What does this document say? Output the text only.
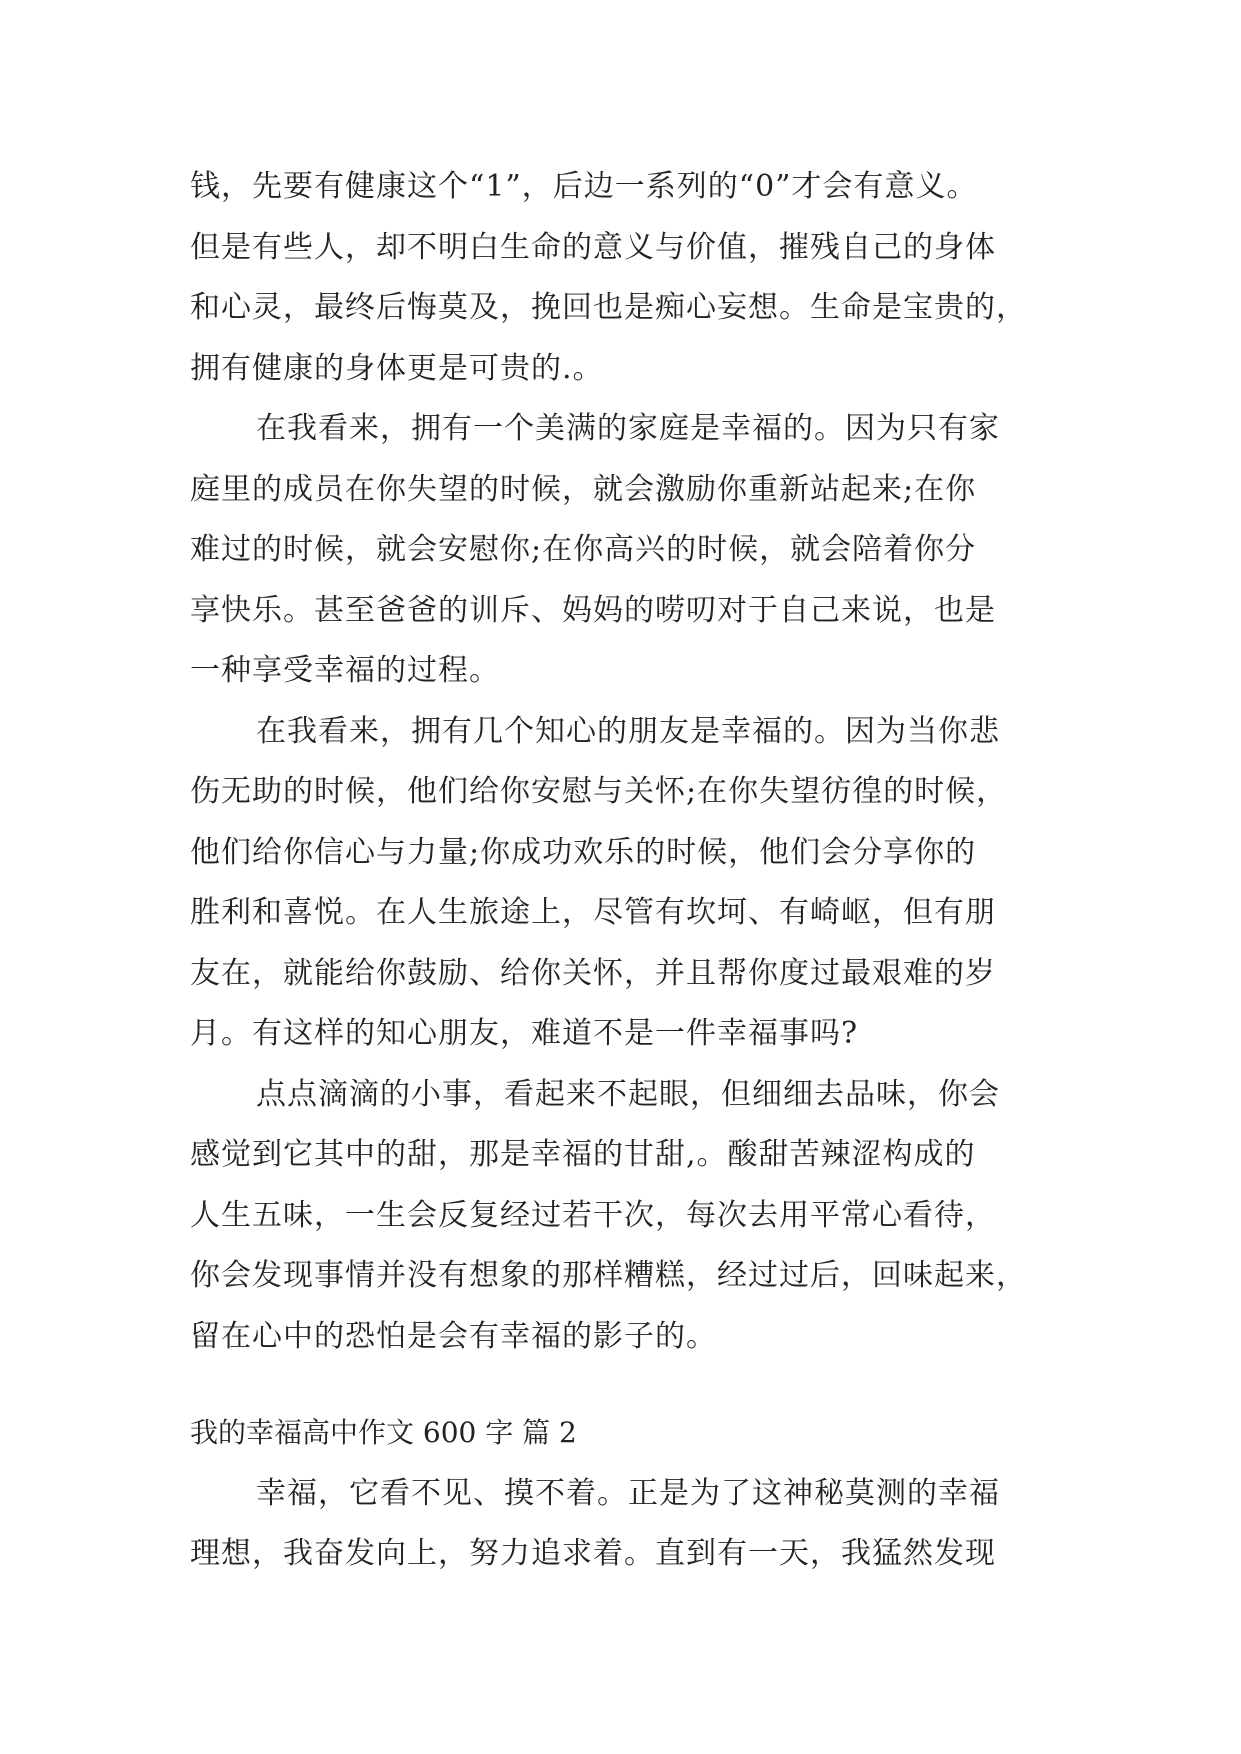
钱，先要有健康这个“1”，后边一系列的“0”才会有意义。
但是有些人，却不明白生命的意义与价值，摧残自己的身体
和心灵，最终后悔莫及，挽回也是痴心妄想。生命是宝贵的，
拥有健康的身体更是可贵的.。
在我看来，拥有一个美满的家庭是幸福的。因为只有家
庭里的成员在你失望的时候，就会激励你重新站起来;在你
难过的时候，就会安慰你;在你高兴的时候，就会陪着你分
享快乐。甚至爸爸的训斥、妈妈的唠叨对于自己来说，也是
一种享受幸福的过程。
在我看来，拥有几个知心的朋友是幸福的。因为当你悲
伤无助的时候，他们给你安慰与关怀;在你失望彷徨的时候，
他们给你信心与力量;你成功欢乐的时候，他们会分享你的
胜利和喜悦。在人生旅途上，尽管有坎坷、有崎岖，但有朋
友在，就能给你鼓励、给你关怀，并且帮你度过最艰难的岁
月。有这样的知心朋友，难道不是一件幸福事吗?
点点滴滴的小事，看起来不起眼，但细细去品味，你会
感觉到它其中的甜，那是幸福的甘甜,。酸甜苦辣涩构成的
人生五味，一生会反复经过若干次，每次去用平常心看待，
你会发现事情并没有想象的那样糟糕，经过过后，回味起来，
留在心中的恐怕是会有幸福的影子的。
我的幸福高中作文 600 字 篇 2
幸福，它看不见、摸不着。正是为了这神秘莫测的幸福
理想，我奋发向上，努力追求着。直到有一天，我猛然发现
